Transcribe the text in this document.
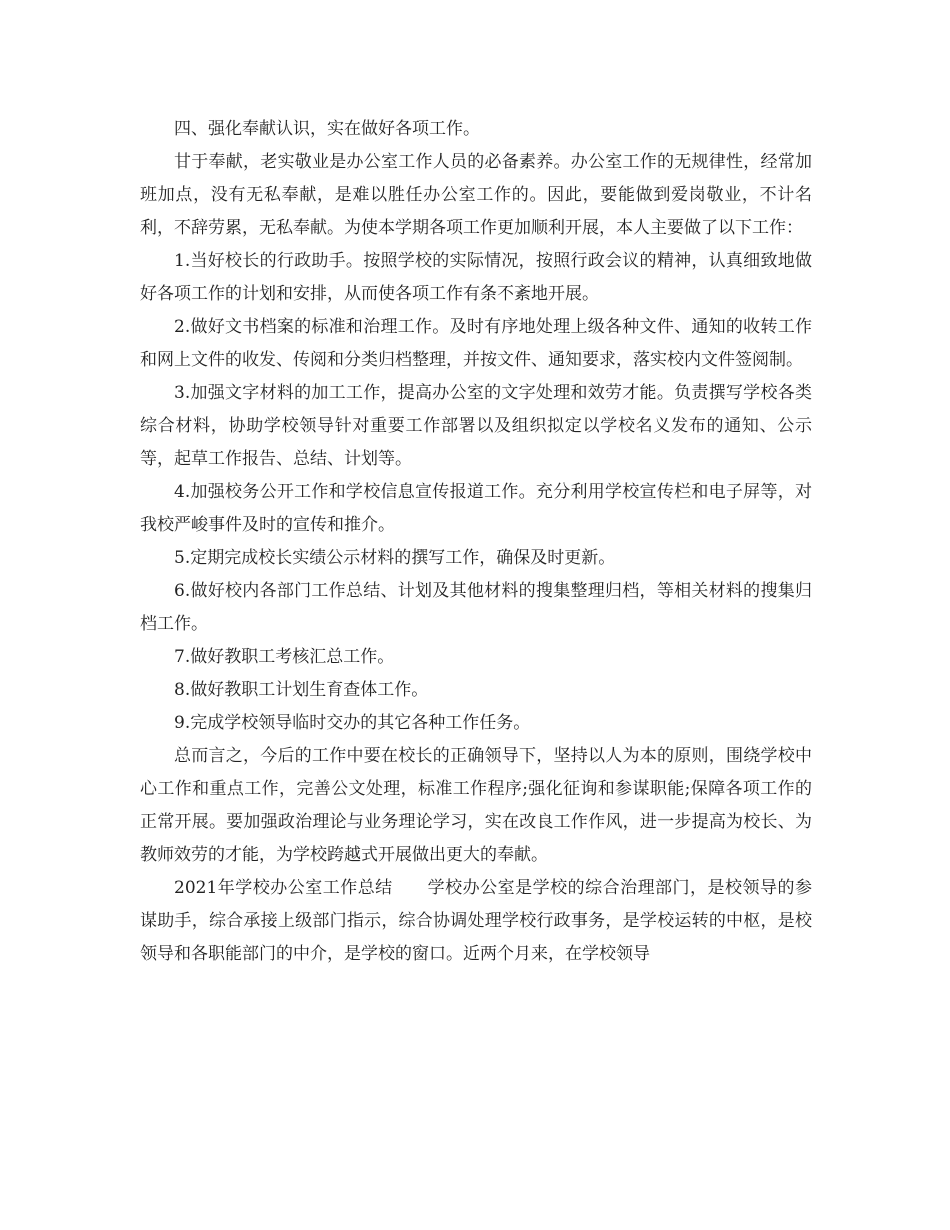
四、强化奉献认识，实在做好各项工作。

甘于奉献，老实敬业是办公室工作人员的必备素养。办公室工作的无规律性，经常加班加点，没有无私奉献，是难以胜任办公室工作的。因此，要能做到爱岗敬业，不计名利，不辞劳累，无私奉献。为使本学期各项工作更加顺利开展，本人主要做了以下工作：

1.当好校长的行政助手。按照学校的实际情况，按照行政会议的精神，认真细致地做好各项工作的计划和安排，从而使各项工作有条不紊地开展。

2.做好文书档案的标准和治理工作。及时有序地处理上级各种文件、通知的收转工作和网上文件的收发、传阅和分类归档整理，并按文件、通知要求，落实校内文件签阅制。

3.加强文字材料的加工工作，提高办公室的文字处理和效劳才能。负责撰写学校各类综合材料，协助学校领导针对重要工作部署以及组织拟定以学校名义发布的通知、公示等，起草工作报告、总结、计划等。

4.加强校务公开工作和学校信息宣传报道工作。充分利用学校宣传栏和电子屏等，对我校严峻事件及时的宣传和推介。

5.定期完成校长实绩公示材料的撰写工作，确保及时更新。

6.做好校内各部门工作总结、计划及其他材料的搜集整理归档，等相关材料的搜集归档工作。

7.做好教职工考核汇总工作。

8.做好教职工计划生育查体工作。

9.完成学校领导临时交办的其它各种工作任务。

总而言之，今后的工作中要在校长的正确领导下，坚持以人为本的原则，围绕学校中心工作和重点工作，完善公文处理，标准工作程序;强化征询和参谋职能;保障各项工作的正常开展。要加强政治理论与业务理论学习，实在改良工作作风，进一步提高为校长、为教师效劳的才能，为学校跨越式开展做出更大的奉献。

2021年学校办公室工作总结　　学校办公室是学校的综合治理部门，是校领导的参谋助手，综合承接上级部门指示，综合协调处理学校行政事务，是学校运转的中枢，是校领导和各职能部门的中介，是学校的窗口。近两个月来，在学校领导
